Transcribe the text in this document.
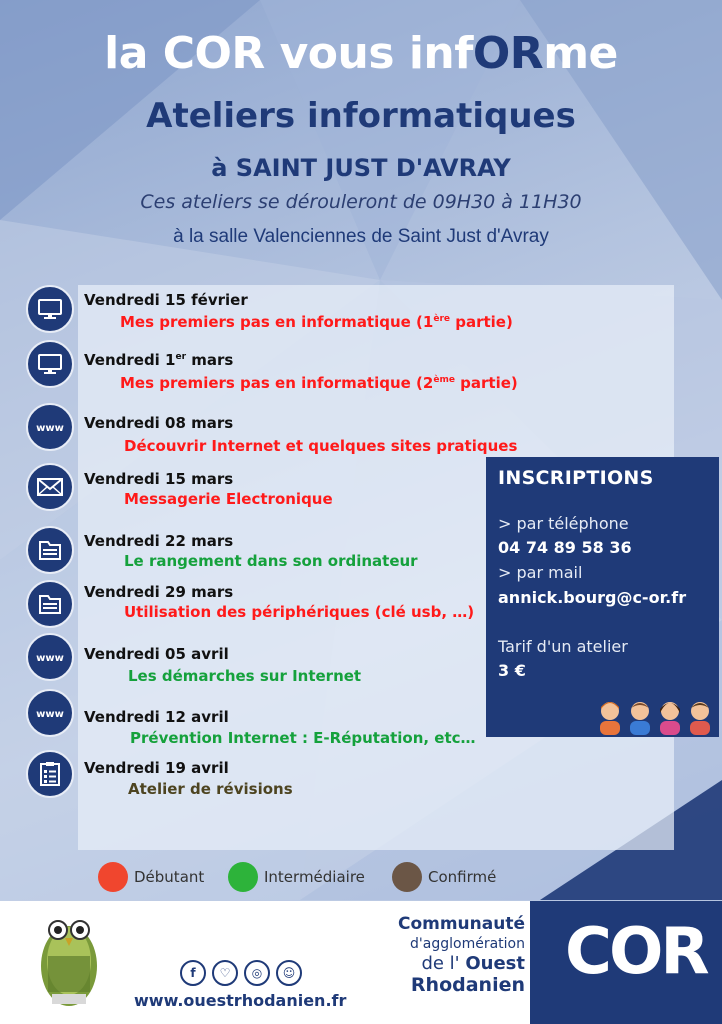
la COR vous infORme
Ateliers informatiques
à SAINT JUST D'AVRAY
Ces ateliers se dérouleront de 09H30 à 11H30
à la salle Valenciennes de Saint Just d'Avray
Vendredi 15 février
Mes premiers pas en informatique (1ère partie)
Vendredi 1er mars
Mes premiers pas en informatique (2ème partie)
www Vendredi 08 mars
Découvrir Internet et quelques sites pratiques
Vendredi 15 mars
Messagerie Electronique
Vendredi 22 mars
Le rangement dans son ordinateur
Vendredi 29 mars
Utilisation des périphériques (clé usb, …)
www Vendredi 05 avril
Les démarches sur Internet
www Vendredi 12 avril
Prévention Internet : E-Réputation, etc…
Vendredi 19 avril
Atelier de révisions
INSCRIPTIONS
> par téléphone
04 74 89 58 36
> par mail
annick.bourg@c-or.fr
Tarif d'un atelier
3 €
Débutant	Intermédiaire	Confirmé
f	♡	◎	☺
www.ouestrhodanien.fr
Communauté
d'agglomération
de l' Ouest
Rhodanien COR
